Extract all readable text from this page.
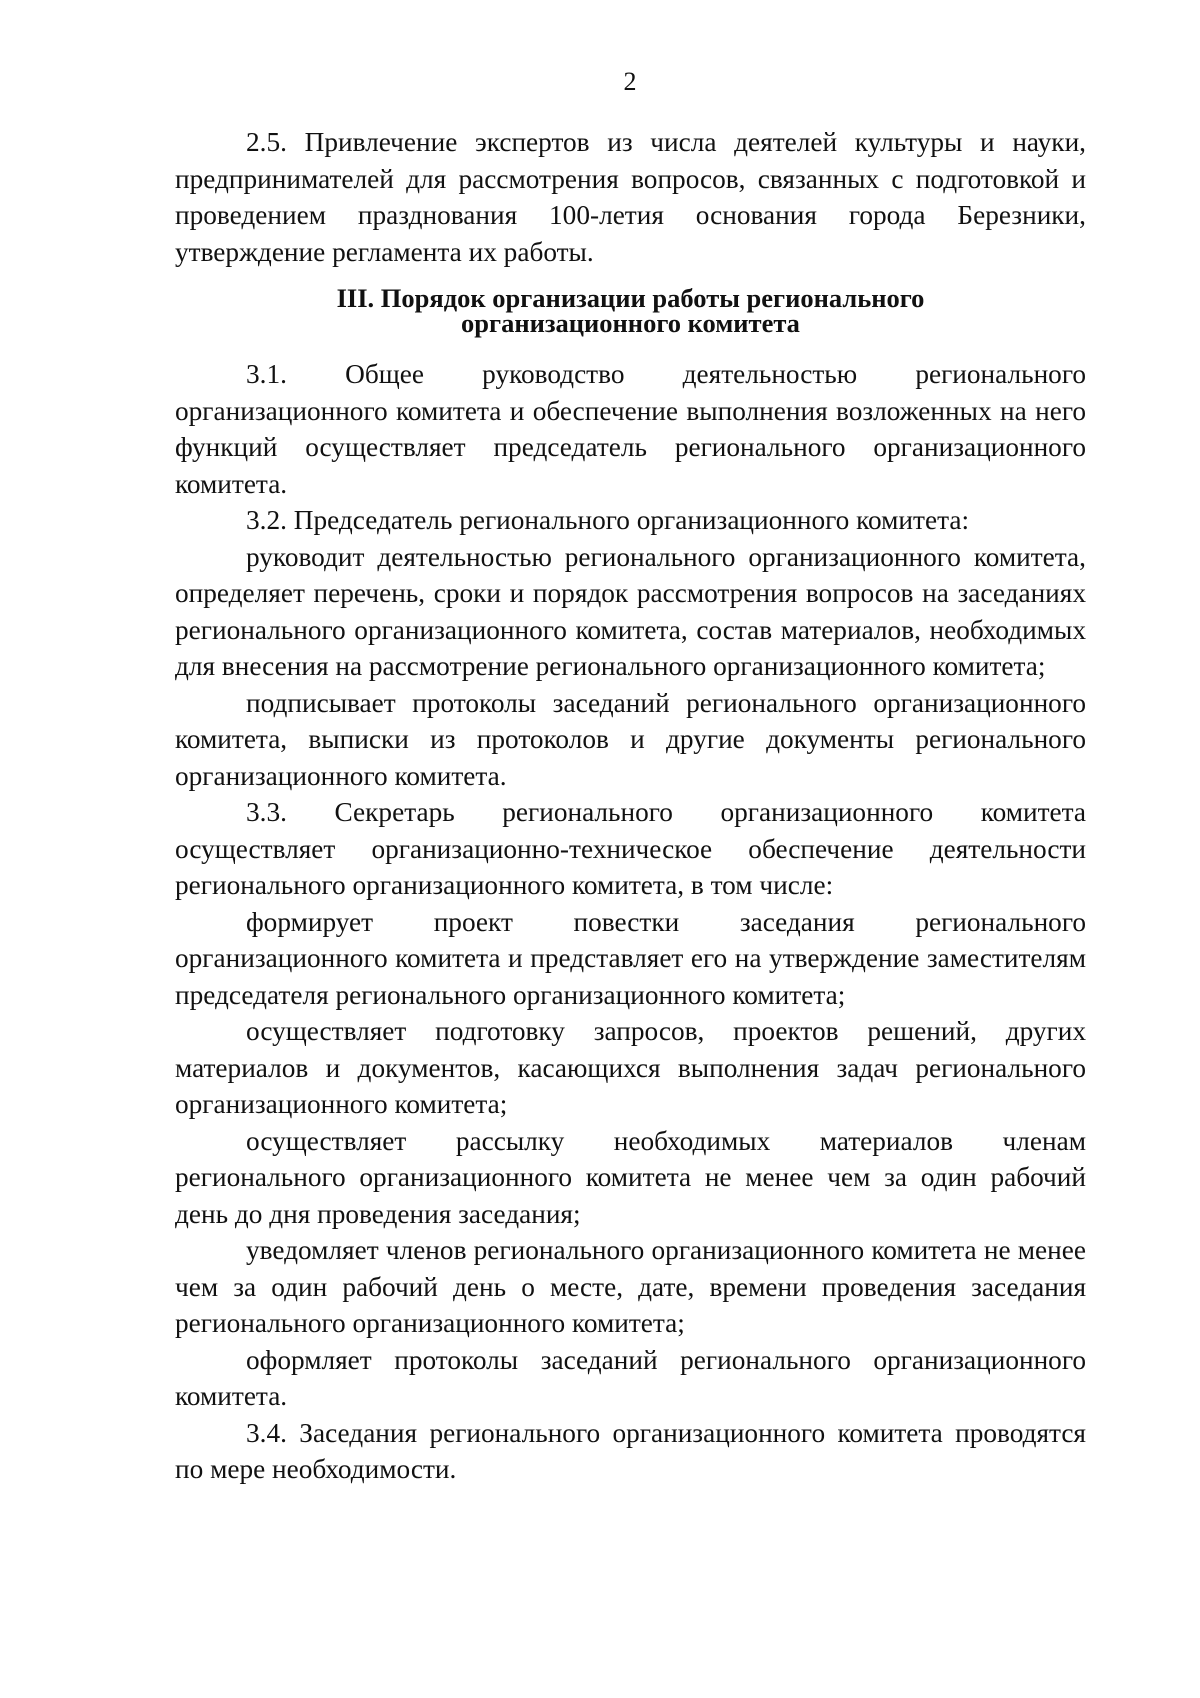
2

2.5. Привлечение экспертов из числа деятелей культуры и науки, предпринимателей для рассмотрения вопросов, связанных с подготовкой и проведением празднования 100-летия основания города Березники, утверждение регламента их работы.

III. Порядок организации работы регионального
организационного комитета

3.1. Общее руководство деятельностью регионального организационного комитета и обеспечение выполнения возложенных на него функций осуществляет председатель регионального организационного комитета.

3.2. Председатель регионального организационного комитета:

руководит деятельностью регионального организационного комитета, определяет перечень, сроки и порядок рассмотрения вопросов на заседаниях регионального организационного комитета, состав материалов, необходимых для внесения на рассмотрение регионального организационного комитета;

подписывает протоколы заседаний регионального организационного комитета, выписки из протоколов и другие документы регионального организационного комитета.

3.3. Секретарь регионального организационного комитета осуществляет организационно-техническое обеспечение деятельности регионального организационного комитета, в том числе:

формирует проект повестки заседания регионального организационного комитета и представляет его на утверждение заместителям председателя регионального организационного комитета;

осуществляет подготовку запросов, проектов решений, других материалов и документов, касающихся выполнения задач регионального организационного комитета;

осуществляет рассылку необходимых материалов членам регионального организационного комитета не менее чем за один рабочий день до дня проведения заседания;

уведомляет членов регионального организационного комитета не менее чем за один рабочий день о месте, дате, времени проведения заседания регионального организационного комитета;

оформляет протоколы заседаний регионального организационного комитета.

3.4. Заседания регионального организационного комитета проводятся по мере необходимости.
